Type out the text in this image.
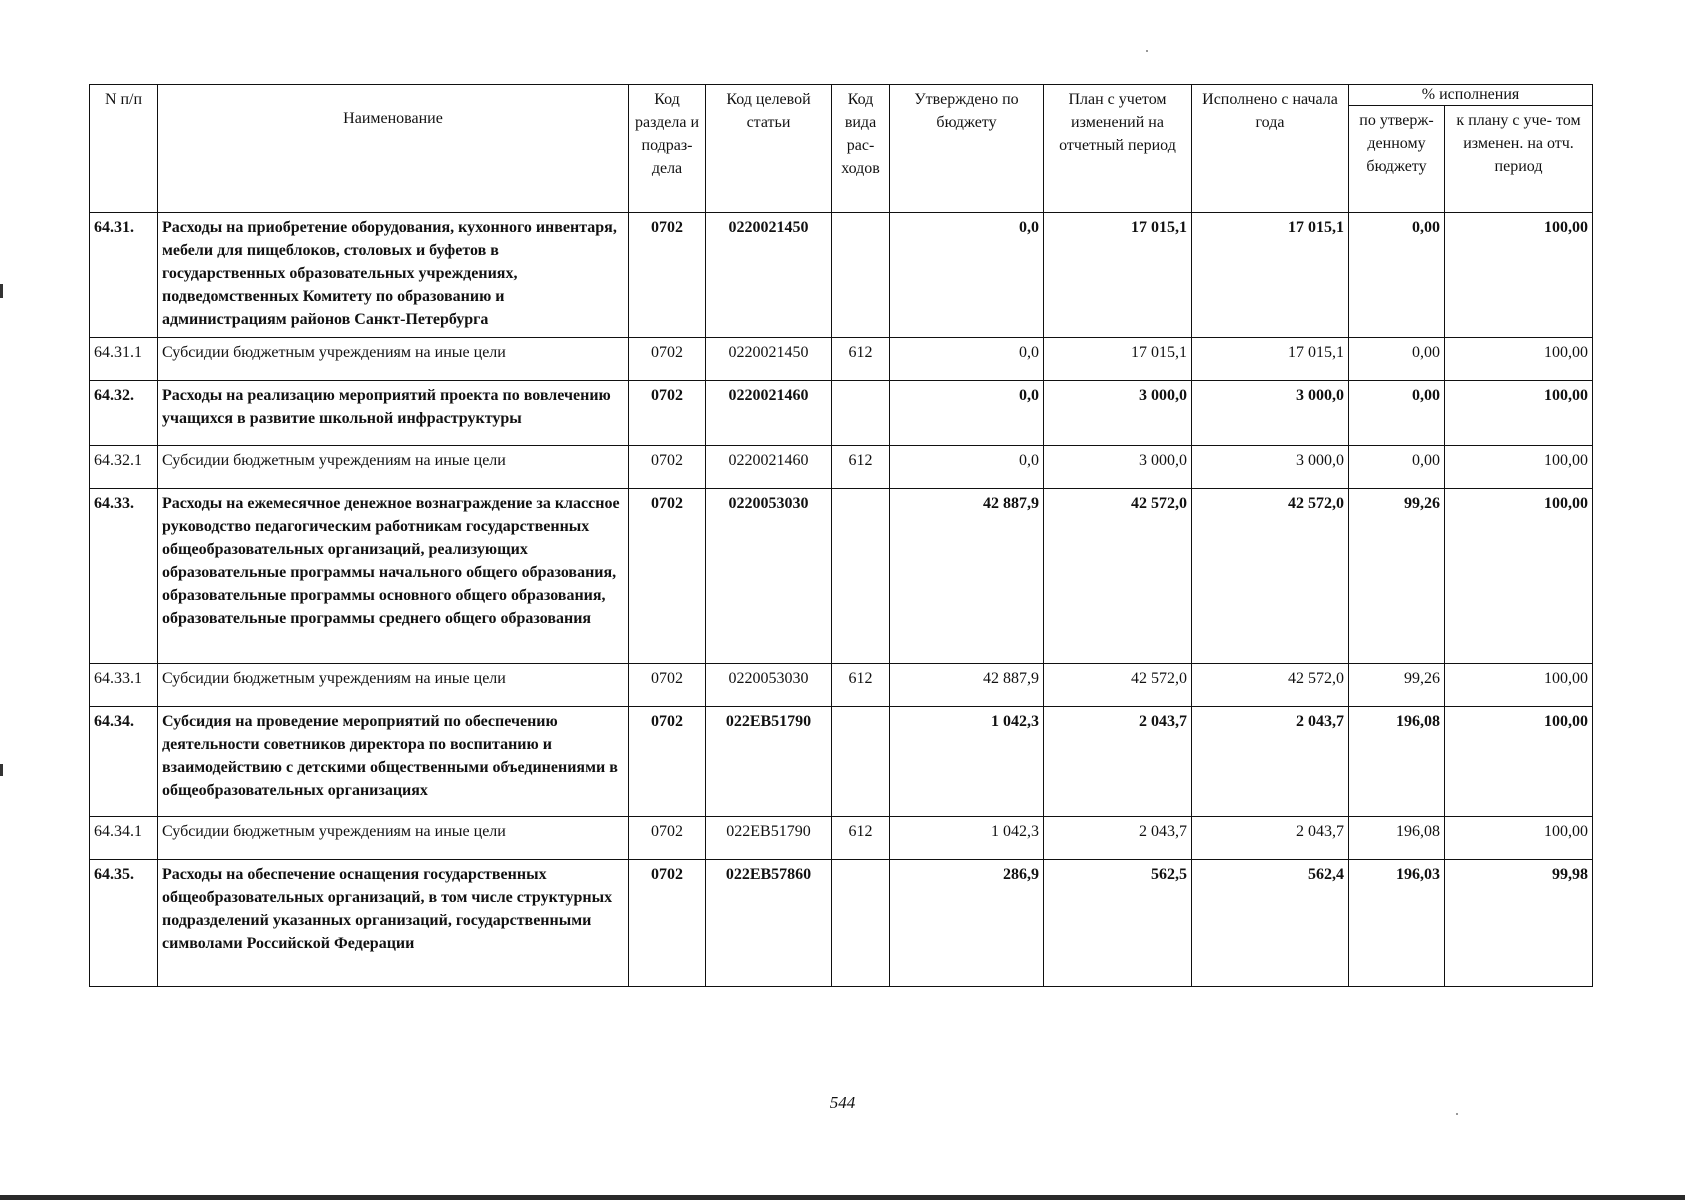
N п/п	Наименование	Код раздела и подраз- дела	Код целевой статьи	Код вида рас- ходов	Утверждено по бюджету	План с учетом изменений на отчетный период	Исполнено с начала года	% исполнения	
								по утверж- денному бюджету	к плану с уче- том изменен. на отч. период
64.31.	Расходы на приобретение оборудования, кухонного инвентаря, мебели для пищеблоков, столовых и буфетов в государственных образовательных учреждениях, подведомственных Комитету по образованию и администрациям районов Санкт-Петербурга	0702	0220021450		0,0	17 015,1	17 015,1	0,00	100,00
64.31.1	Субсидии бюджетным учреждениям на иные цели	0702	0220021450	612	0,0	17 015,1	17 015,1	0,00	100,00
64.32.	Расходы на реализацию мероприятий проекта по вовлечению учащихся в развитие школьной инфраструктуры	0702	0220021460		0,0	3 000,0	3 000,0	0,00	100,00
64.32.1	Субсидии бюджетным учреждениям на иные цели	0702	0220021460	612	0,0	3 000,0	3 000,0	0,00	100,00
64.33.	Расходы на ежемесячное денежное вознаграждение за классное руководство педагогическим работникам государственных общеобразовательных организаций, реализующих образовательные программы начального общего образования, образовательные программы основного общего образования, образовательные программы среднего общего образования	0702	0220053030		42 887,9	42 572,0	42 572,0	99,26	100,00
64.33.1	Субсидии бюджетным учреждениям на иные цели	0702	0220053030	612	42 887,9	42 572,0	42 572,0	99,26	100,00
64.34.	Субсидия на проведение мероприятий по обеспечению деятельности советников директора по воспитанию и взаимодействию с детскими общественными объединениями в общеобразовательных организациях	0702	022EB51790		1 042,3	2 043,7	2 043,7	196,08	100,00
64.34.1	Субсидии бюджетным учреждениям на иные цели	0702	022EB51790	612	1 042,3	2 043,7	2 043,7	196,08	100,00
64.35.	Расходы на обеспечение оснащения государственных общеобразовательных организаций, в том числе структурных подразделений указанных организаций, государственными символами Российской Федерации	0702	022EB57860		286,9	562,5	562,4	196,03	99,98
544
